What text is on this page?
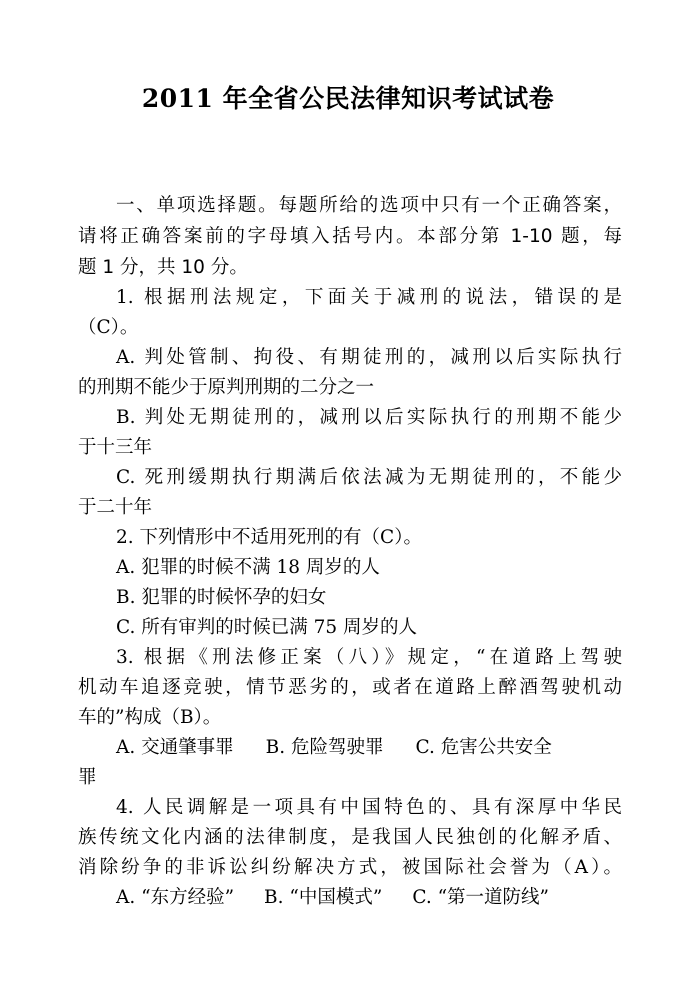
2011 年全省公民法律知识考试试卷
一、单项选择题。每题所给的选项中只有一个正确答案，
请将正确答案前的字母填入括号内。本部分第 1-10 题，每
题 1 分，共 10 分。
1. 根据刑法规定，下面关于减刑的说法，错误的是
（C）。
A. 判处管制、拘役、有期徒刑的，减刑以后实际执行
的刑期不能少于原判刑期的二分之一
B. 判处无期徒刑的，减刑以后实际执行的刑期不能少
于十三年
C. 死刑缓期执行期满后依法减为无期徒刑的，不能少
于二十年
2. 下列情形中不适用死刑的有（C）。
A. 犯罪的时候不满 18 周岁的人
B. 犯罪的时候怀孕的妇女
C. 所有审判的时候已满 75 周岁的人
3. 根据《刑法修正案（八）》规定，“在道路上驾驶
机动车追逐竞驶，情节恶劣的，或者在道路上醉酒驾驶机动
车的”构成（B）。
A. 交通肇事罪 B. 危险驾驶罪 C. 危害公共安全
罪
4. 人民调解是一项具有中国特色的、具有深厚中华民
族传统文化内涵的法律制度，是我国人民独创的化解矛盾、
消除纷争的非诉讼纠纷解决方式，被国际社会誉为（A）。
A. “东方经验” B. “中国模式” C. “第一道防线”
